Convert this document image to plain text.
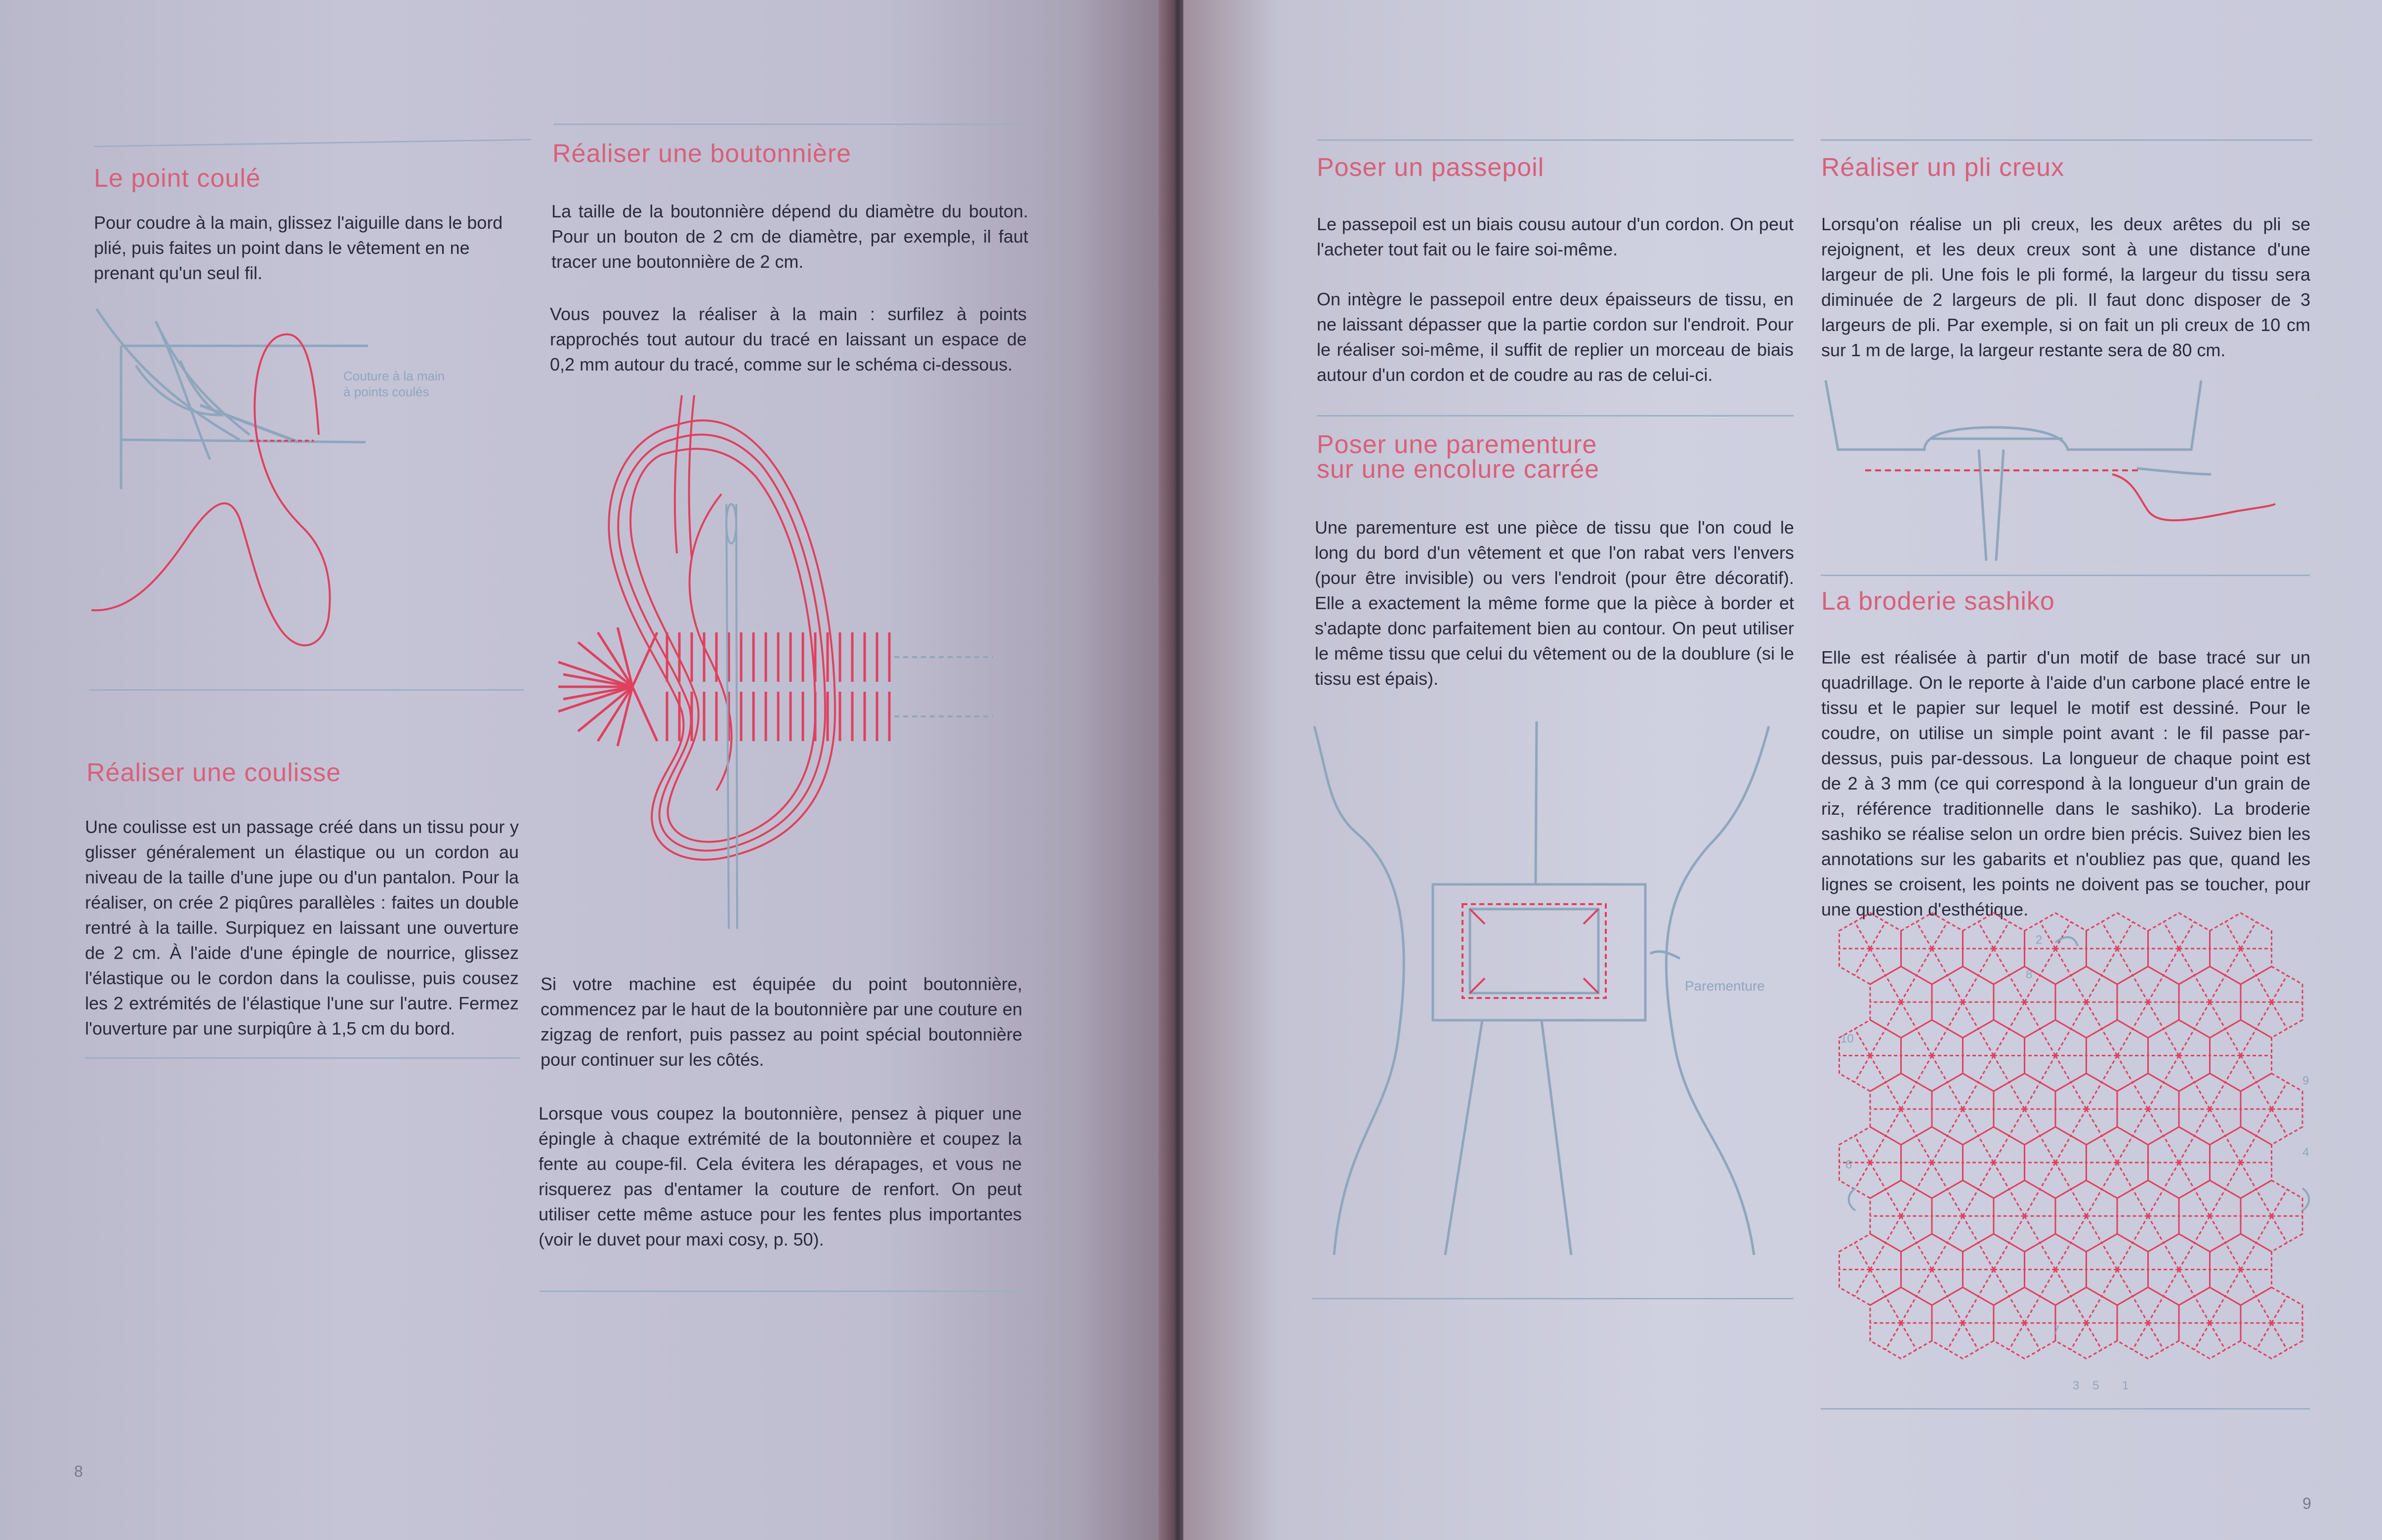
Le point coulé

Pour coudre à la main, glissez l'aiguille dans le bord plié, puis faites un point dans le vêtement en ne prenant qu'un seul fil.

Couture à la main
à points coulés
Réaliser une coulisse

Une coulisse est un passage créé dans un tissu pour y glisser généralement un élastique ou un cordon au niveau de la taille d'une jupe ou d'un pantalon. Pour la réaliser, on crée 2 piqûres parallèles : faites un double rentré à la taille. Surpiquez en laissant une ouverture de 2 cm. À l'aide d'une épingle de nourrice, glissez l'élastique ou le cordon dans la coulisse, puis cousez les 2 extrémités de l'élastique l'une sur l'autre. Fermez l'ouverture par une surpiqûre à 1,5 cm du bord.

Réaliser une boutonnière

La taille de la boutonnière dépend du diamètre du bouton. Pour un bouton de 2 cm de diamètre, par exemple, il faut tracer une boutonnière de 2 cm.

Vous pouvez la réaliser à la main : surfilez à points rapprochés tout autour du tracé en laissant un espace de 0,2 mm autour du tracé, comme sur le schéma ci-dessous.

Si votre machine est équipée du point boutonnière, commencez par le haut de la boutonnière par une couture en zigzag de renfort, puis passez au point spécial boutonnière pour continuer sur les côtés.

Lorsque vous coupez la boutonnière, pensez à piquer une épingle à chaque extrémité de la boutonnière et coupez la fente au coupe-fil. Cela évitera les dérapages, et vous ne risquerez pas d'entamer la couture de renfort. On peut utiliser cette même astuce pour les fentes plus importantes (voir le duvet pour maxi cosy, p. 50).

8
Poser un passepoil

Le passepoil est un biais cousu autour d'un cordon. On peut l'acheter tout fait ou le faire soi-même.

On intègre le passepoil entre deux épaisseurs de tissu, en ne laissant dépasser que la partie cordon sur l'endroit. Pour le réaliser soi-même, il suffit de replier un morceau de biais autour d'un cordon et de coudre au ras de celui-ci.

Poser une parementure
sur une encolure carrée

Une parementure est une pièce de tissu que l'on coud le long du bord d'un vêtement et que l'on rabat vers l'envers (pour être invisible) ou vers l'endroit (pour être décoratif). Elle a exactement la même forme que la pièce à border et s'adapte donc parfaitement bien au contour. On peut utiliser le même tissu que celui du vêtement ou de la doublure (si le tissu est épais).

Parementure
Réaliser un pli creux

Lorsqu'on réalise un pli creux, les deux arêtes du pli se rejoignent, et les deux creux sont à une distance d'une largeur de pli. Une fois le pli formé, la largeur du tissu sera diminuée de 2 largeurs de pli. Il faut donc disposer de 3 largeurs de pli. Par exemple, si on fait un pli creux de 10 cm sur 1 m de large, la largeur restante sera de 80 cm.

La broderie sashiko

Elle est réalisée à partir d'un motif de base tracé sur un quadrillage. On le reporte à l'aide d'un carbone placé entre le tissu et le papier sur lequel le motif est dessiné. Pour le coudre, on utilise un simple point avant : le fil passe par-dessus, puis par-dessous. La longueur de chaque point est de 2 à 3 mm (ce qui correspond à la longueur d'un grain de riz, référence traditionnelle dans le sashiko). La broderie sashiko se réalise selon un ordre bien précis. Suivez bien les annotations sur les gabarits et n'oubliez pas que, quand les lignes se croisent, les points ne doivent pas se toucher, pour une question d'esthétique.

2
8
10
9
4
6
7
3 5 1
9
